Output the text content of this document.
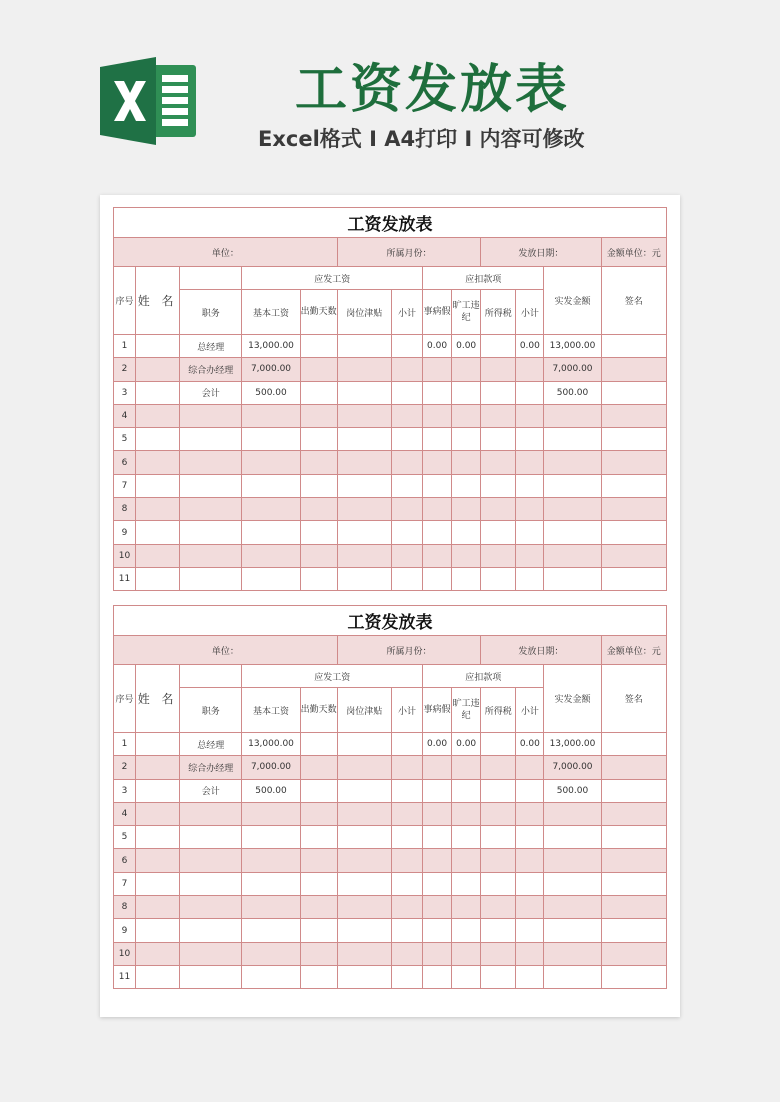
工资发放表
Excel格式 I A4打印 I 内容可修改
工资发放表												
单位：					所属月份：				发放日期：			金额单位：元
序号	姓 名		应发工资				应扣款项				实发金额	签名
		职务	基本工资	出勤天数	岗位津贴	小计	事病假	旷工违纪	所得税	小计		
1		总经理	13,000.00				0.00	0.00		0.00	13,000.00	
2		综合办经理	7,000.00								7,000.00	
3		会计	500.00								500.00	
4												
5												
6												
7												
8												
9												
10												
11												
工资发放表												
单位：					所属月份：				发放日期：			金额单位：元
序号	姓 名		应发工资				应扣款项				实发金额	签名
		职务	基本工资	出勤天数	岗位津贴	小计	事病假	旷工违纪	所得税	小计		
1		总经理	13,000.00				0.00	0.00		0.00	13,000.00	
2		综合办经理	7,000.00								7,000.00	
3		会计	500.00								500.00	
4												
5												
6												
7												
8												
9												
10												
11												
